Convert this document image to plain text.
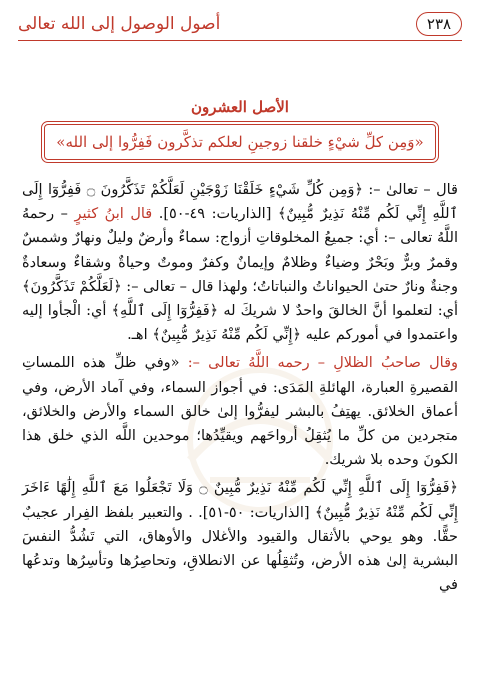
أصول الوصول إلى الله تعالى	٢٣٨
الأصل العشرون
«وَمِن كلِّ شيْءٍ خلقنا زوجينِ لعلكم تذكَّرون فَفِرُّوا إلى الله»

قال – تعالىٰ –: ﴿وَمِن كُلِّ شَيْءٍ خَلَقْنَا زَوْجَيْنِ لَعَلَّكُمْ تَذَكَّرُونَ ۝ فَفِرُّوٓا إِلَى ٱللَّهِ إِنِّي لَكُم مِّنْهُ نَذِيرٌ مُّبِينٌ﴾ [الذاريات: ٤٩-٥٠]. قال ابنُ كثيرٍ – رحمهُ اللَّهُ تعالى –: أي: جميعُ المخلوقاتِ أزواج: سماءٌ وأرضٌ وليلٌ ونهارٌ وشمسٌ وقمرٌ وبرٌّ وبَحْرٌ وضياءٌ وظلامٌ وإيمانٌ وكفرٌ وموتٌ وحياةٌ وشقاءٌ وسعادةٌ وجنةٌ ونارٌ حتىٰ الحيواناتُ والنباتاتُ؛ ولهذا قال – تعالى –: ﴿لَعَلَّكُمْ تَذَكَّرُونَ﴾ أي: لتعلموا أنَّ الخالقَ واحدٌ لا شريكَ له ﴿فَفِرُّوٓا إِلَى ٱللَّهِ﴾ أي: الْجأوا إليه واعتمدوا في أموركم عليه ﴿إِنِّي لَكُم مِّنْهُ نَذِيرٌ مُّبِينٌ﴾ اهـ.

وقال صاحبُ الظلالِ – رحمه اللَّهُ تعالى –: «وفي ظلِّ هذه اللمساتِ القصيرةِ العبارة، الهائلةِ المَدَى: في أجواز السماء، وفي آماد الأرض، وفي أعماق الخلائق. يهتِفُ بالبشر ليفرُّوا إلىٰ خالق السماء والأرض والخلائق، متجردين من كلِّ ما يُثقِلُ أرواحَهم ويقيِّدُها؛ موحدين اللَّه الذي خلق هذا الكونَ وحده بلا شريك.

﴿فَفِرُّوٓا إِلَى ٱللَّهِ إِنِّي لَكُم مِّنْهُ نَذِيرٌ مُّبِينٌ ۝ وَلَا تَجْعَلُوا مَعَ ٱللَّهِ إِلَٰهًا ءَاخَرَ إِنِّي لَكُم مِّنْهُ نَذِيرٌ مُّبِينٌ﴾ [الذاريات: ٥٠-٥١]. . والتعبير بلفظ الفِرار عجيبٌ حقًّا. وهو يوحي بالأثقال والقيود والأغلال والأوهاق، التي تَشُدُّ النفسَ البشرية إلىٰ هذه الأرض، وتُثقِلُها عن الانطلاقِ، وتحاصِرُها وتأسِرُها وتدعُها في
